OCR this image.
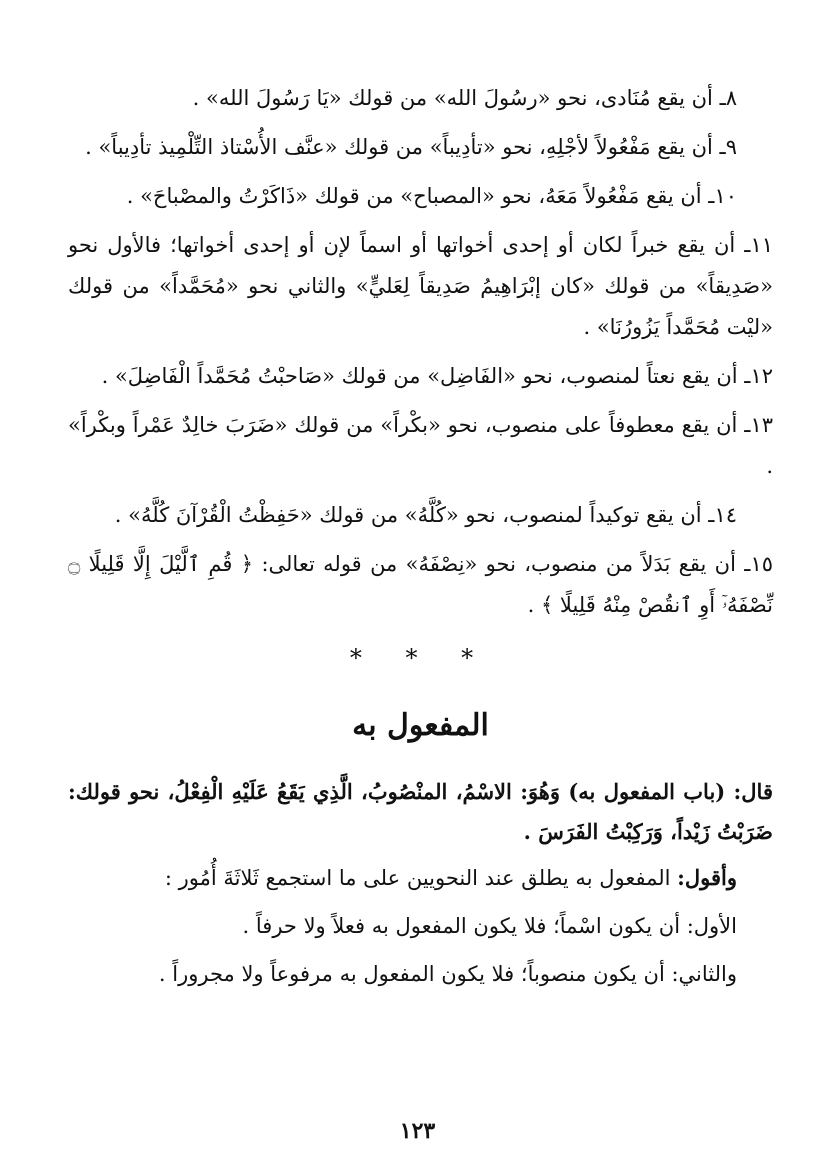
٨ـ أن يقع مُنَادى، نحو «رسُولَ الله» من قولك «يَا رَسُولَ الله» .

٩ـ أن يقع مَفْعُولاً لأجْلِهِ، نحو «تأدِيباً» من قولك «عنَّف الأُسْتاذ التِّلْمِيذ تأدِيباً» .

١٠ـ أن يقع مَفْعُولاً مَعَهُ، نحو «المصباح» من قولك «ذَاكَرْتُ والمصْباحَ» .

١١ـ أن يقع خبراً لكان أو إحدى أخواتها أو اسماً لإن أو إحدى أخواتها؛ فالأول نحو «صَدِيقاً» من قولك «كان إبْرَاهِيمُ صَدِيقاً لِعَليٍّ» والثاني نحو «مُحَمَّداً» من قولك «ليْت مُحَمَّداً يَزُورُنَا» .

١٢ـ أن يقع نعتاً لمنصوب، نحو «الفَاضِل» من قولك «صَاحبْتُ مُحَمَّداً الْفَاضِلَ» .

١٣ـ أن يقع معطوفاً على منصوب، نحو «بكْراً» من قولك «ضَرَبَ خالِدٌ عَمْراً وبكْراً» .

١٤ـ أن يقع توكيداً لمنصوب، نحو «كُلَّهُ» من قولك «حَفِظْتُ الْقُرْآنَ كُلَّهُ» .

١٥ـ أن يقع بَدَلاً من منصوب، نحو «نِصْفَهُ» من قوله تعالى: ﴿ قُمِ ٱلَّيْلَ إِلَّا قَلِيلًا ۝ نِّصْفَهُۥٓ أَوِ ٱنقُصْ مِنْهُ قَلِيلًا ﴾ .

* * *
المفعول به

قال: (باب المفعول به) وَهُوَ: الاسْمُ، المنْصُوبُ، الَّذِي يَقَعُ عَلَيْهِ الْفِعْلُ، نحو قولك: ضَرَبْتُ زَيْداً، وَرَكِبْتُ الفَرَسَ .

وأقول: المفعول به يطلق عند النحويين على ما استجمع ثَلاثَةَ أُمُور :

الأول: أن يكون اسْماً؛ فلا يكون المفعول به فعلاً ولا حرفاً .

والثاني: أن يكون منصوباً؛ فلا يكون المفعول به مرفوعاً ولا مجروراً .

١٢٣
